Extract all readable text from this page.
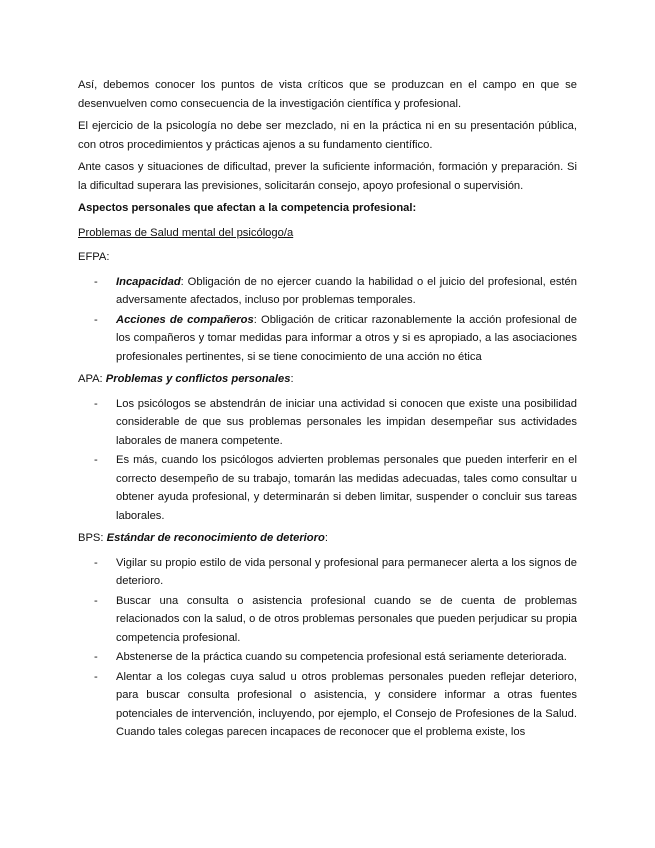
Así, debemos conocer los puntos de vista críticos que se produzcan en el campo en que se desenvuelven como consecuencia de la investigación científica y profesional.

El ejercicio de la psicología no debe ser mezclado, ni en la práctica ni en su presentación pública, con otros procedimientos y prácticas ajenos a su fundamento científico.

Ante casos y situaciones de dificultad, prever la suficiente información, formación y preparación. Si la dificultad superara las previsiones, solicitarán consejo, apoyo profesional o supervisión.

Aspectos personales que afectan a la competencia profesional:

Problemas de Salud mental del psicólogo/a

EFPA:

- Incapacidad: Obligación de no ejercer cuando la habilidad o el juicio del profesional, estén adversamente afectados, incluso por problemas temporales.
- Acciones de compañeros: Obligación de criticar razonablemente la acción profesional de los compañeros y tomar medidas para informar a otros y si es apropiado, a las asociaciones profesionales pertinentes, si se tiene conocimiento de una acción no ética

APA: Problemas y conflictos personales:

- Los psicólogos se abstendrán de iniciar una actividad si conocen que existe una posibilidad considerable de que sus problemas personales les impidan desempeñar sus actividades laborales de manera competente.
- Es más, cuando los psicólogos advierten problemas personales que pueden interferir en el correcto desempeño de su trabajo, tomarán las medidas adecuadas, tales como consultar u obtener ayuda profesional, y determinarán si deben limitar, suspender o concluir sus tareas laborales.

BPS: Estándar de reconocimiento de deterioro:

- Vigilar su propio estilo de vida personal y profesional para permanecer alerta a los signos de deterioro.
- Buscar una consulta o asistencia profesional cuando se de cuenta de problemas relacionados con la salud, o de otros problemas personales que pueden perjudicar su propia competencia profesional.
- Abstenerse de la práctica cuando su competencia profesional está seriamente deteriorada.
- Alentar a los colegas cuya salud u otros problemas personales pueden reflejar deterioro, para buscar consulta profesional o asistencia, y considere informar a otras fuentes potenciales de intervención, incluyendo, por ejemplo, el Consejo de Profesiones de la Salud. Cuando tales colegas parecen incapaces de reconocer que el problema existe, los
